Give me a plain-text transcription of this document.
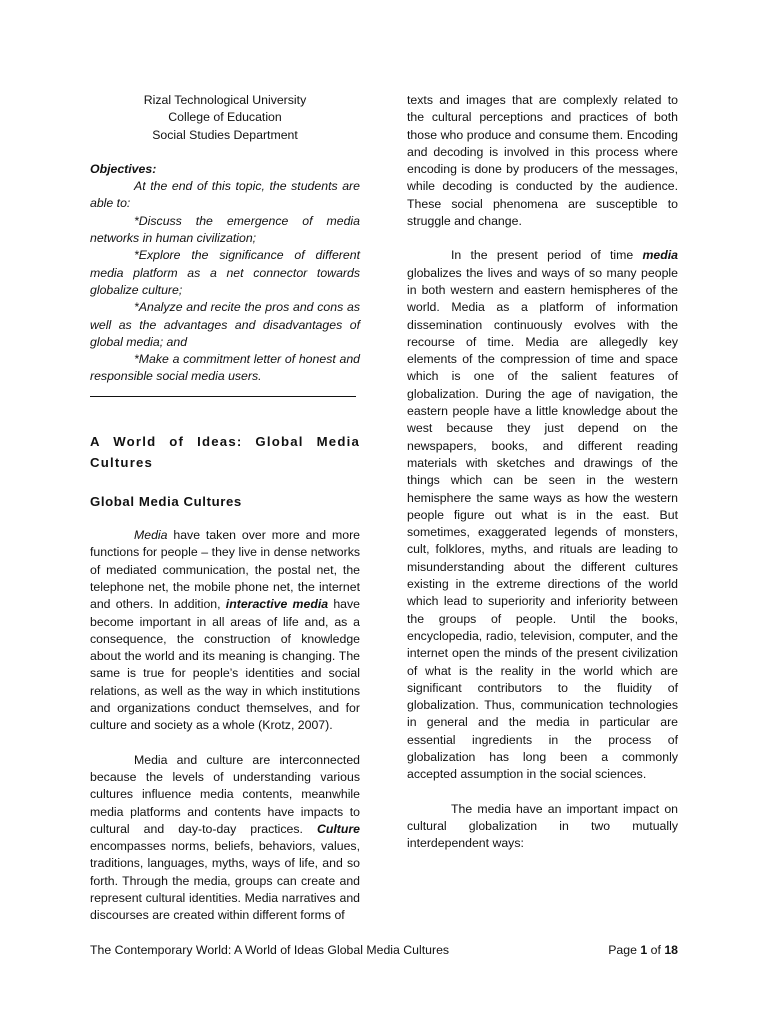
Rizal Technological University
College of Education
Social Studies Department
Objectives:

At the end of this topic, the students are able to:

*Discuss the emergence of media networks in human civilization;

*Explore the significance of different media platform as a net connector towards globalize culture;

*Analyze and recite the pros and cons as well as the advantages and disadvantages of global media; and

*Make a commitment letter of honest and responsible social media users.

A World of Ideas: Global Media Cultures
Global Media Cultures

Media have taken over more and more functions for people – they live in dense networks of mediated communication, the postal net, the telephone net, the mobile phone net, the internet and others. In addition, interactive media have become important in all areas of life and, as a consequence, the construction of knowledge about the world and its meaning is changing. The same is true for people’s identities and social relations, as well as the way in which institutions and organizations conduct themselves, and for culture and society as a whole (Krotz, 2007).

Media and culture are interconnected because the levels of understanding various cultures influence media contents, meanwhile media platforms and contents have impacts to cultural and day-to-day practices. Culture encompasses norms, beliefs, behaviors, values, traditions, languages, myths, ways of life, and so forth. Through the media, groups can create and represent cultural identities. Media narratives and discourses are created within different forms of

texts and images that are complexly related to the cultural perceptions and practices of both those who produce and consume them. Encoding and decoding is involved in this process where encoding is done by producers of the messages, while decoding is conducted by the audience. These social phenomena are susceptible to struggle and change.

In the present period of time media globalizes the lives and ways of so many people in both western and eastern hemispheres of the world. Media as a platform of information dissemination continuously evolves with the recourse of time. Media are allegedly key elements of the compression of time and space which is one of the salient features of globalization. During the age of navigation, the eastern people have a little knowledge about the west because they just depend on the newspapers, books, and different reading materials with sketches and drawings of the things which can be seen in the western hemisphere the same ways as how the western people figure out what is in the east. But sometimes, exaggerated legends of monsters, cult, folklores, myths, and rituals are leading to misunderstanding about the different cultures existing in the extreme directions of the world which lead to superiority and inferiority between the groups of people. Until the books, encyclopedia, radio, television, computer, and the internet open the minds of the present civilization of what is the reality in the world which are significant contributors to the fluidity of globalization. Thus, communication technologies in general and the media in particular are essential ingredients in the process of globalization has long been a commonly accepted assumption in the social sciences.

The media have an important impact on cultural globalization in two mutually interdependent ways:

The Contemporary World: A World of Ideas Global Media Cultures	Page 1 of 18
